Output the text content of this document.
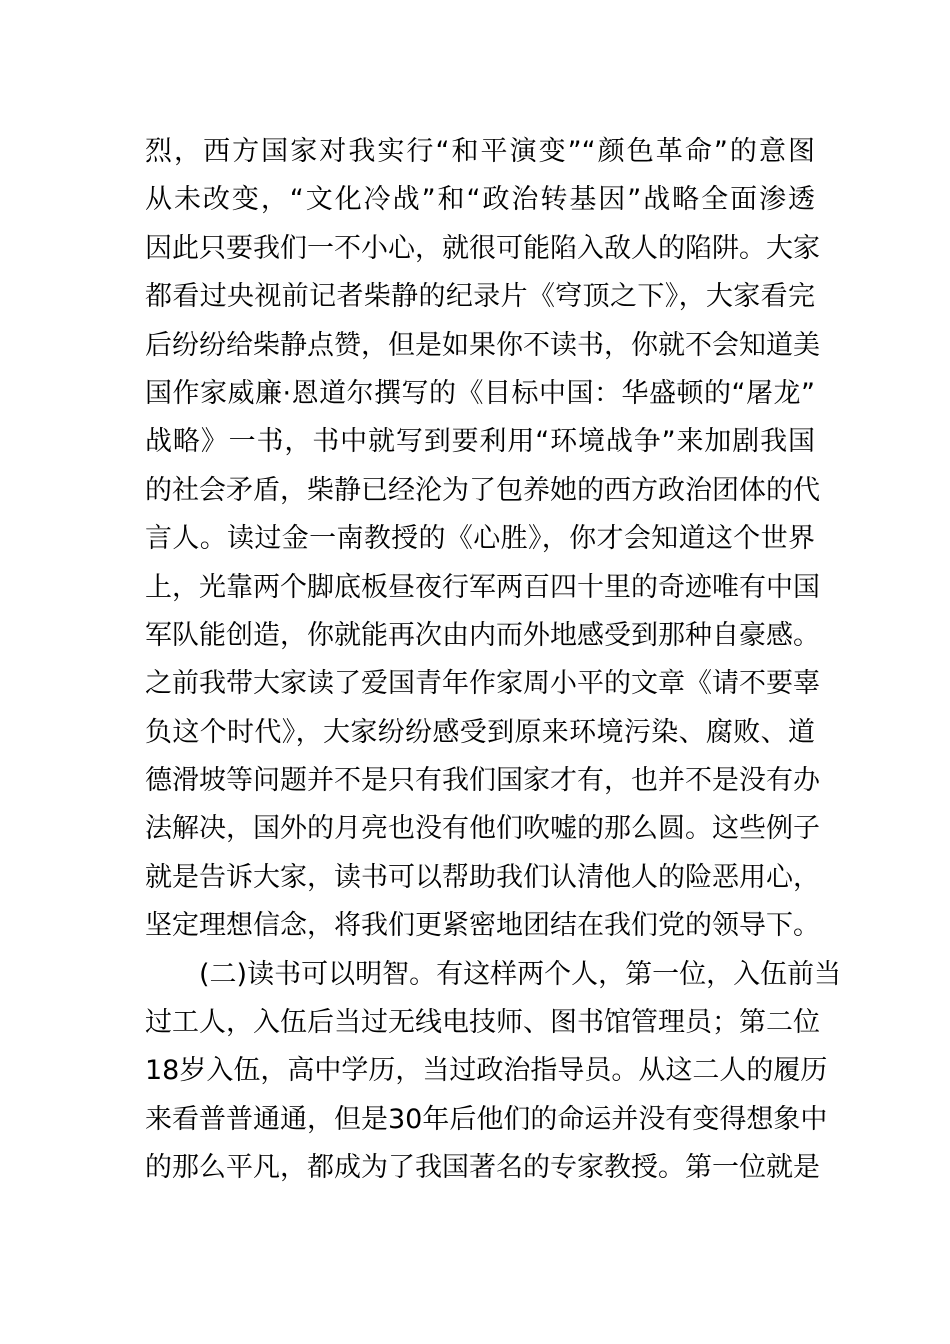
烈，西方国家对我实行“和平演变”“颜色革命”的意图
从未改变，“文化冷战”和“政治转基因”战略全面渗透
因此只要我们一不小心，就很可能陷入敌人的陷阱。大家
都看过央视前记者柴静的纪录片《穹顶之下》，大家看完
后纷纷给柴静点赞，但是如果你不读书，你就不会知道美
国作家威廉·恩道尔撰写的《目标中国：华盛顿的“屠龙”
战略》一书，书中就写到要利用“环境战争”来加剧我国
的社会矛盾，柴静已经沦为了包养她的西方政治团体的代
言人。读过金一南教授的《心胜》，你才会知道这个世界
上，光靠两个脚底板昼夜行军两百四十里的奇迹唯有中国
军队能创造，你就能再次由内而外地感受到那种自豪感。
之前我带大家读了爱国青年作家周小平的文章《请不要辜
负这个时代》，大家纷纷感受到原来环境污染、腐败、道
德滑坡等问题并不是只有我们国家才有，也并不是没有办
法解决，国外的月亮也没有他们吹嘘的那么圆。这些例子
就是告诉大家，读书可以帮助我们认清他人的险恶用心，
坚定理想信念，将我们更紧密地团结在我们党的领导下。
(二)读书可以明智。有这样两个人，第一位，入伍前当
过工人，入伍后当过无线电技师、图书馆管理员；第二位
18岁入伍，高中学历，当过政治指导员。从这二人的履历
来看普普通通，但是30年后他们的命运并没有变得想象中
的那么平凡，都成为了我国著名的专家教授。第一位就是
